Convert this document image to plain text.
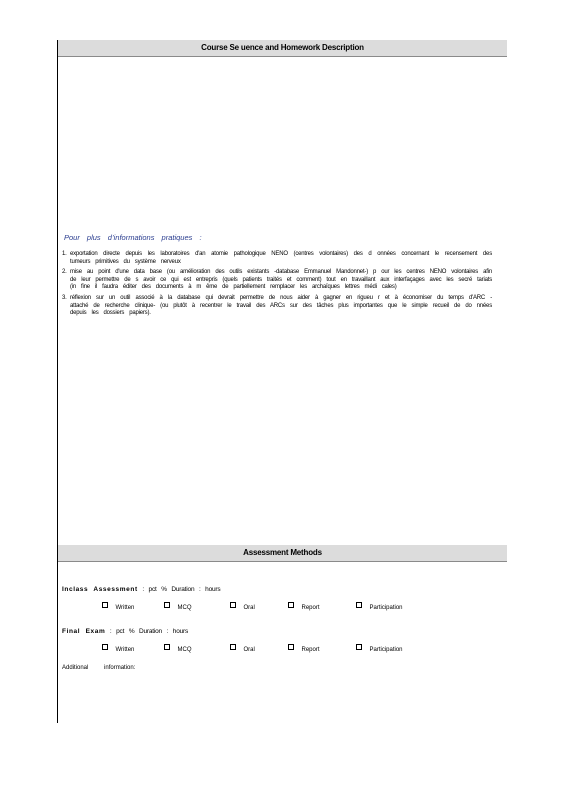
Course Se uence and Homework Description
Pour plus d’informations pratiques :
1. exportation directe depuis les laboratoires d'an atomie pathologique NENO (centres volontaires) des d onnées concernant le recensement des tumeurs primitives du système nerveux
2. mise au point d'une data base (ou amélioration des outils existants -database Emmanuel Mandonnet-) p our les centres NENO volontaires afin de leur permettre de s avoir ce qui est entrepris (quels patients traités et comment) tout en travaillant aux interfaçages avec les secré tariats (in fine il faudra éditer des documents à m ême de partiellement remplacer les archaïques lettres médi cales)
3. réflexion sur un outil associé à la database qui devrait permettre de nous aider à gagner en rigueu r et à économiser du temps d'ARC -attaché de recherche clinique- (ou plutôt à recentrer le travail des ARCs sur des tâches plus importantes que le simple recueil de do nnées depuis les dossiers papiers).
Assessment Methods
Inclass Assessment : pct % Duration : hours
Written	MCQ	Oral	Report	Participation
Final Exam : pct % Duration : hours
Written	MCQ	Oral	Report	Participation
Additional information:
